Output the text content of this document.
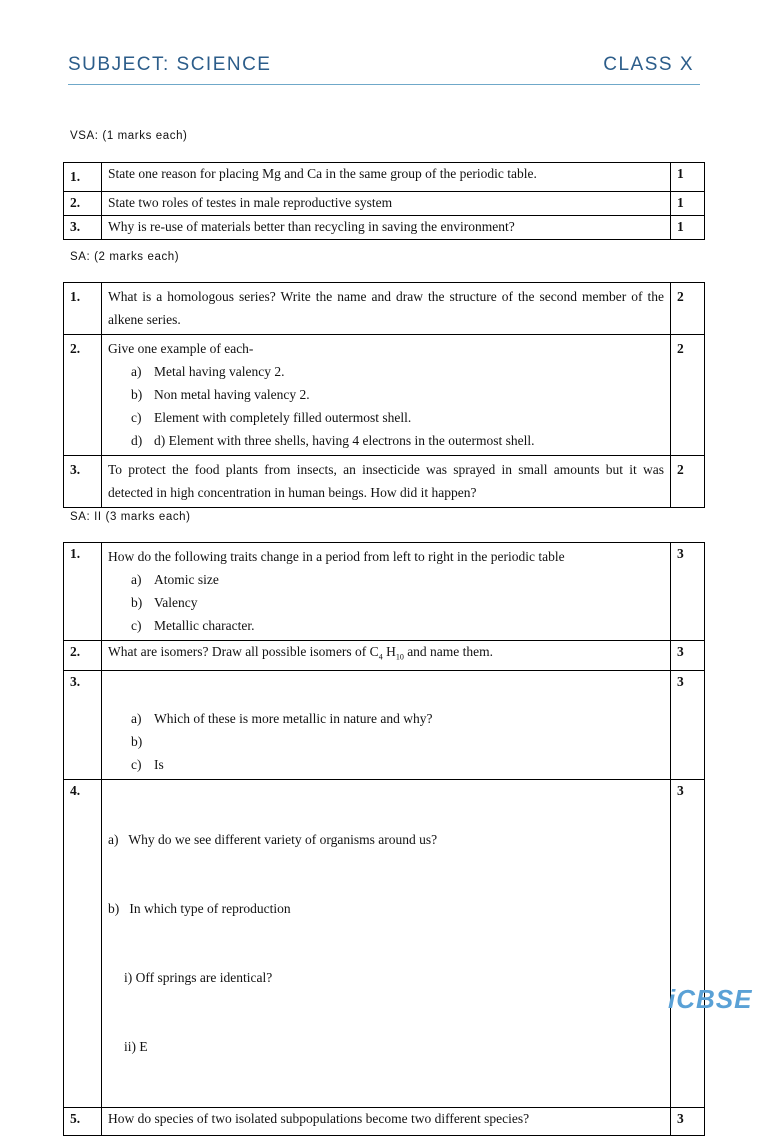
SUBJECT: SCIENCE	CLASS X
VSA: (1 marks each)
1.	State one reason for placing Mg and Ca in the same group of the periodic table.	1
2.	State two roles of testes in male reproductive system	1
3.	Why is re-use of materials better than recycling in saving the environment?	1
SA: (2 marks each)
1.	What is a homologous series? Write the name and draw the structure of the second member of the alkene series.	2
2.	Give one example of each-
a) Metal having valency 2.
b) Non metal having valency 2.
c) Element with completely filled outermost shell.
d) d) Element with three shells, having 4 electrons in the outermost shell.	2
3.	To protect the food plants from insects, an insecticide was sprayed in small amounts but it was detected in high concentration in human beings. How did it happen?	2
SA: II (3 marks each)
1.	How do the following traits change in a period from left to right in the periodic table
a) Atomic size
b) Valency
c) Metallic character.	3
2.	What are isomers? Draw all possible isomers of $C_4$ $H_{10}$ and name them.	3
3.	a) Which of these is more metallic in nature and why?
b)
c) Is	3
4.	a)   Why do we see different variety of organisms around us?

b)   In which type of reproduction

i) Off springs are identical?

ii) E	3
5.	How do species of two isolated subpopulations become two different species?	3
iCBSE
